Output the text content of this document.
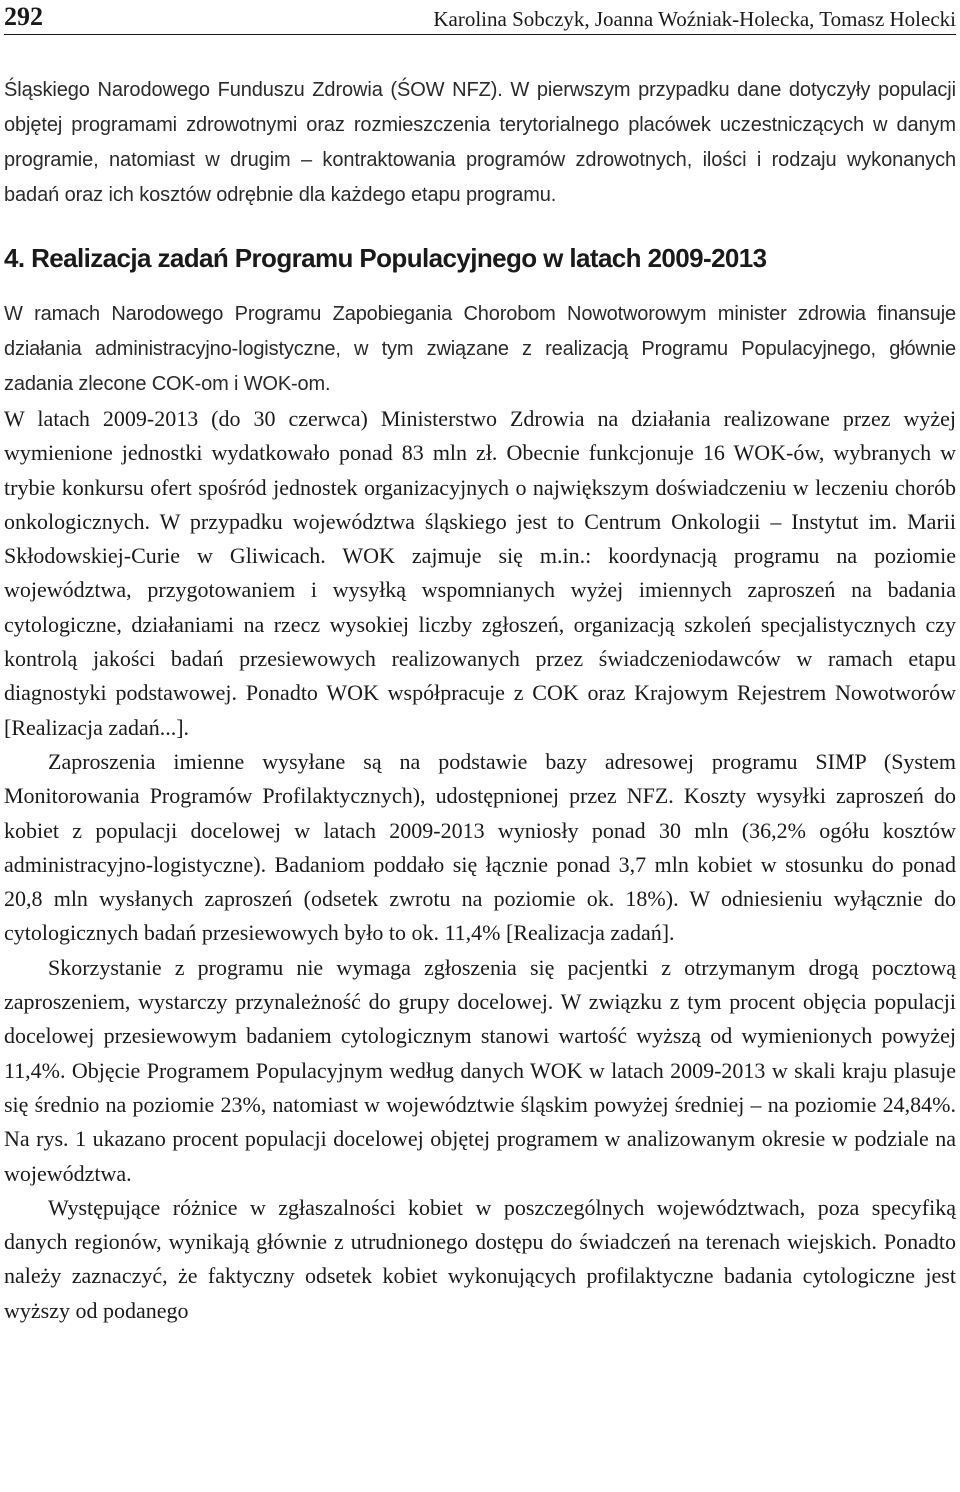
292	Karolina Sobczyk, Joanna Woźniak-Holecka, Tomasz Holecki

Śląskiego Narodowego Funduszu Zdrowia (ŚOW NFZ). W pierwszym przypadku dane dotyczyły populacji objętej programami zdrowotnymi oraz rozmieszczenia terytorialnego placówek uczestniczących w danym programie, natomiast w drugim – kontraktowania programów zdrowotnych, ilości i rodzaju wykonanych badań oraz ich kosztów odrębnie dla każdego etapu programu.

4. Realizacja zadań Programu Populacyjnego w latach 2009-2013

W ramach Narodowego Programu Zapobiegania Chorobom Nowotworowym minister zdrowia finansuje działania administracyjno-logistyczne, w tym związane z realizacją Programu Populacyjnego, głównie zadania zlecone COK-om i WOK-om.

W latach 2009-2013 (do 30 czerwca) Ministerstwo Zdrowia na działania realizowane przez wyżej wymienione jednostki wydatkowało ponad 83 mln zł. Obecnie funkcjonuje 16 WOK-ów, wybranych w trybie konkursu ofert spośród jednostek organizacyjnych o największym doświadczeniu w leczeniu chorób onkologicznych. W przypadku województwa śląskiego jest to Centrum Onkologii – Instytut im. Marii Skłodowskiej-Curie w Gliwicach. WOK zajmuje się m.in.: koordynacją programu na poziomie województwa, przygotowaniem i wysyłką wspomnianych wyżej imiennych zaproszeń na badania cytologiczne, działaniami na rzecz wysokiej liczby zgłoszeń, organizacją szkoleń specjalistycznych czy kontrolą jakości badań przesiewowych realizowanych przez świadczeniodawców w ramach etapu diagnostyki podstawowej. Ponadto WOK współpracuje z COK oraz Krajowym Rejestrem Nowotworów [Realizacja zadań...].

Zaproszenia imienne wysyłane są na podstawie bazy adresowej programu SIMP (System Monitorowania Programów Profilaktycznych), udostępnionej przez NFZ. Koszty wysyłki zaproszeń do kobiet z populacji docelowej w latach 2009-2013 wyniosły ponad 30 mln (36,2% ogółu kosztów administracyjno-logistyczne). Badaniom poddało się łącznie ponad 3,7 mln kobiet w stosunku do ponad 20,8 mln wysłanych zaproszeń (odsetek zwrotu na poziomie ok. 18%). W odniesieniu wyłącznie do cytologicznych badań przesiewowych było to ok. 11,4% [Realizacja zadań].

Skorzystanie z programu nie wymaga zgłoszenia się pacjentki z otrzymanym drogą pocztową zaproszeniem, wystarczy przynależność do grupy docelowej. W związku z tym procent objęcia populacji docelowej przesiewowym badaniem cytologicznym stanowi wartość wyższą od wymienionych powyżej 11,4%. Objęcie Programem Populacyjnym według danych WOK w latach 2009-2013 w skali kraju plasuje się średnio na poziomie 23%, natomiast w województwie śląskim powyżej średniej – na poziomie 24,84%. Na rys. 1 ukazano procent populacji docelowej objętej programem w analizowanym okresie w podziale na województwa.

Występujące różnice w zgłaszalności kobiet w poszczególnych województwach, poza specyfiką danych regionów, wynikają głównie z utrudnionego dostępu do świadczeń na terenach wiejskich. Ponadto należy zaznaczyć, że faktyczny odsetek kobiet wykonujących profilaktyczne badania cytologiczne jest wyższy od podanego
